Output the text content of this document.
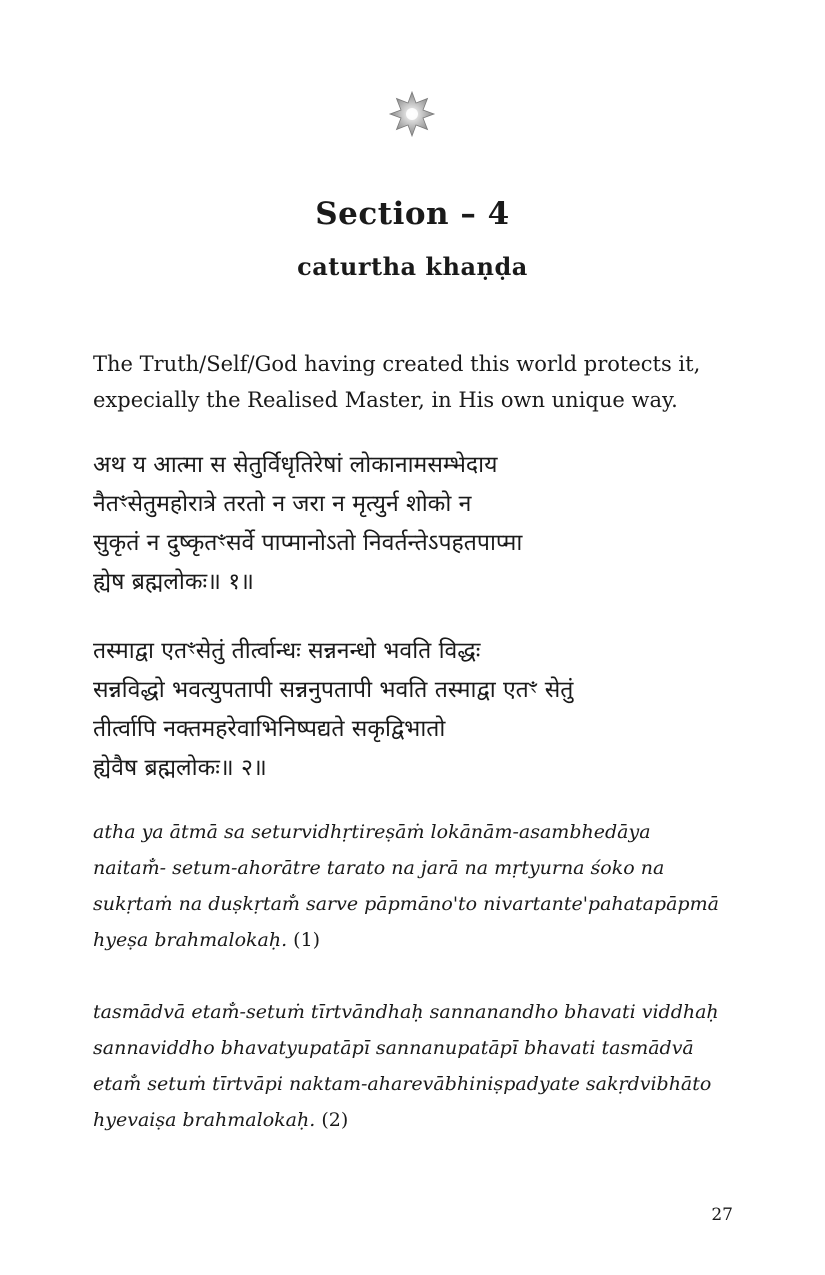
Section – 4
caturtha khaṇḍa

The Truth/Self/God having created this world protects it,
expecially the Realised Master, in His own unique way.

अथ य आत्मा स सेतुर्विधृतिरेषां लोकानामसम्भेदाय
नैतꣳसेतुमहोरात्रे तरतो न जरा न मृत्युर्न शोको न
सुकृतं न दुष्कृतꣳसर्वे पाप्मानोऽतो निवर्तन्तेऽपहतपाप्मा
ह्येष ब्रह्मलोकः॥ १॥

तस्माद्वा एतꣳसेतुं तीर्त्वान्धः सन्ननन्धो भवति विद्धः
सन्नविद्धो भवत्युपतापी सन्ननुपतापी भवति तस्माद्वा एतꣳ सेतुं
तीर्त्वापि नक्तमहरेवाभिनिष्पद्यते सकृद्विभातो
ह्येवैष ब्रह्मलोकः॥ २॥

atha ya ātmā sa seturvidhṛtireṣāṁ lokānām-asambhedāya
naitam̐- setum-ahorātre tarato na jarā na mṛtyurna śoko na
sukṛtaṁ na duṣkṛtam̐ sarve pāpmāno'to nivartante'pahatapāpmā
hyeṣa brahmalokaḥ. (1)

tasmādvā etam̐-setuṁ tīrtvāndhaḥ sannanandho bhavati viddhaḥ
sannaviddho bhavatyupatāpī sannanupatāpī bhavati tasmādvā
etam̐ setuṁ tīrtvāpi naktam-aharevābhiniṣpadyate sakṛdvibhāto
hyevaiṣa brahmalokaḥ. (2)

27
